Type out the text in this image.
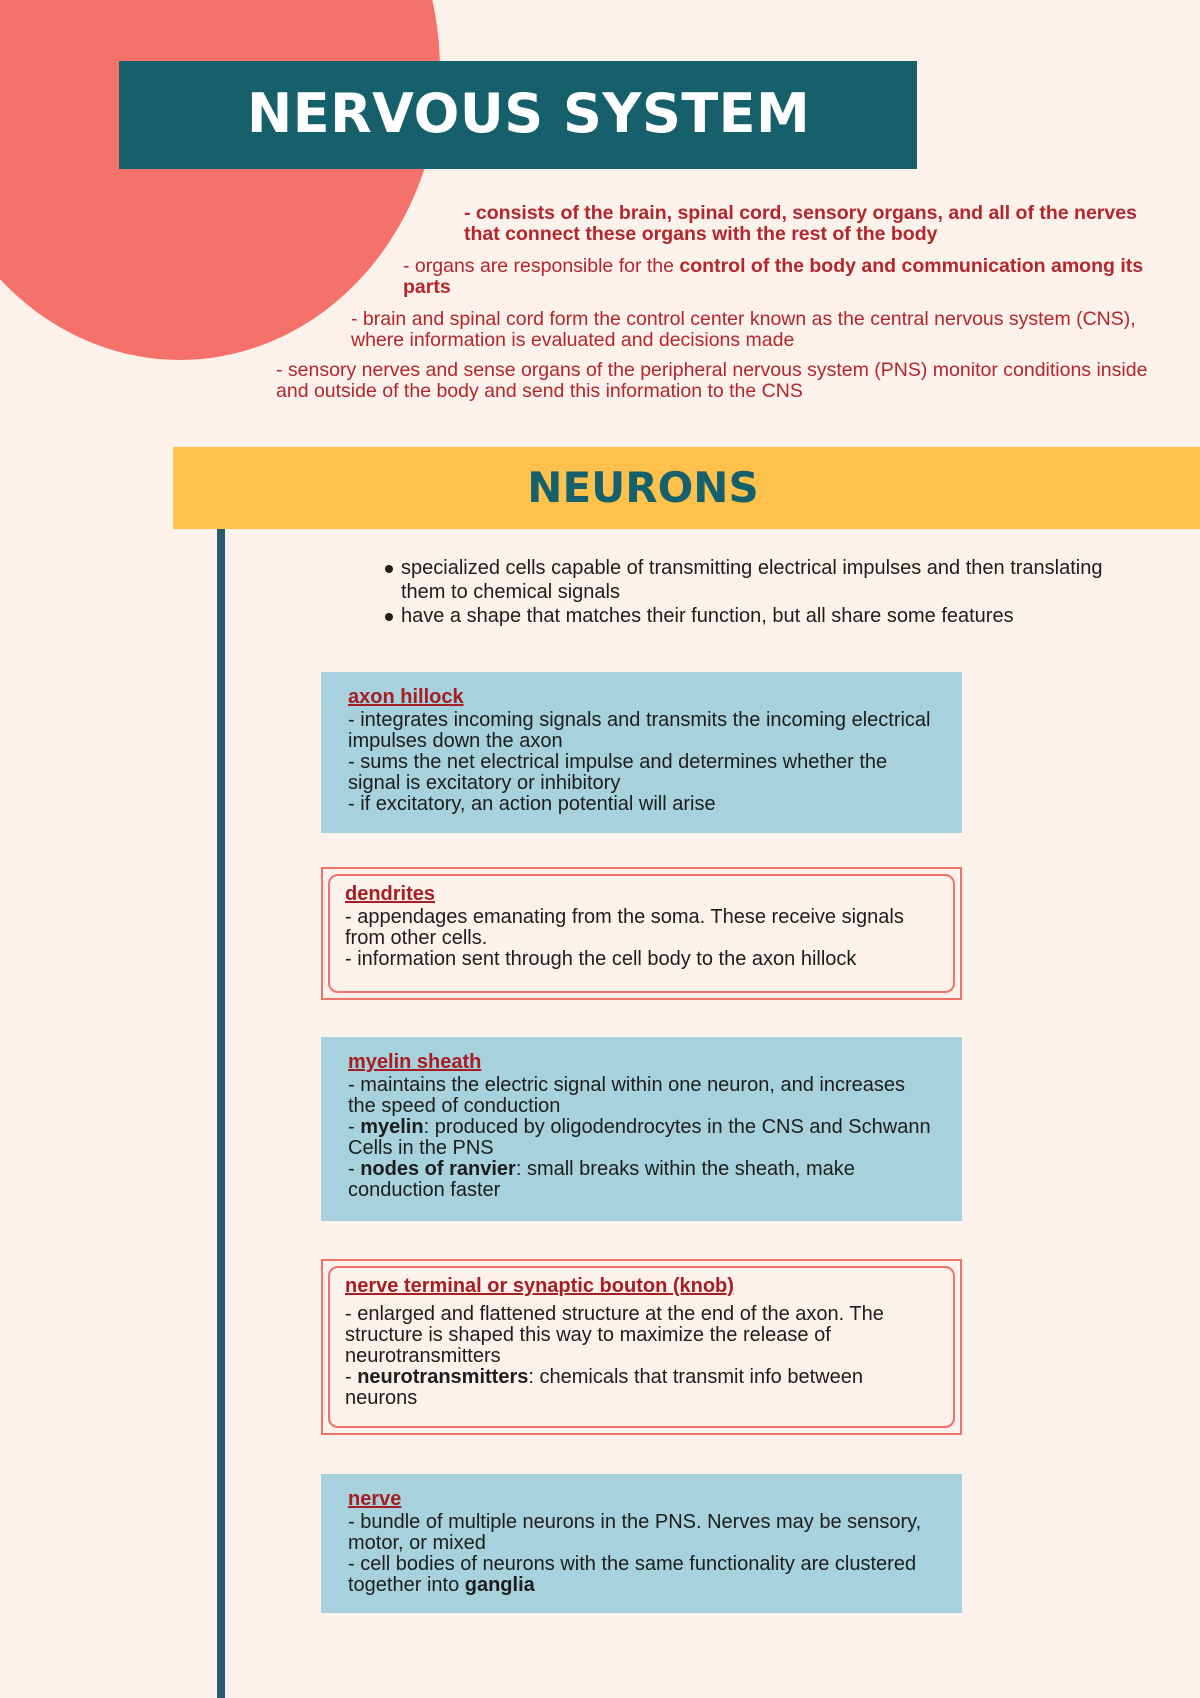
NERVOUS SYSTEM
- consists of the brain, spinal cord, sensory organs, and all of the nerves that connect these organs with the rest of the body
- organs are responsible for the control of the body and communication among its parts
- brain and spinal cord form the control center known as the central nervous system (CNS), where information is evaluated and decisions made
- sensory nerves and sense organs of the peripheral nervous system (PNS) monitor conditions inside and outside of the body and send this information to the CNS
NEURONS
specialized cells capable of transmitting electrical impulses and then translating them to chemical signals
have a shape that matches their function, but all share some features
axon hillock
- integrates incoming signals and transmits the incoming electrical impulses down the axon
- sums the net electrical impulse and determines whether the signal is excitatory or inhibitory
- if excitatory, an action potential will arise
dendrites
- appendages emanating from the soma. These receive signals from other cells.
- information sent through the cell body to the axon hillock
myelin sheath
- maintains the electric signal within one neuron, and increases the speed of conduction
- myelin: produced by oligodendrocytes in the CNS and Schwann Cells in the PNS
- nodes of ranvier: small breaks within the sheath, make conduction faster
nerve terminal or synaptic bouton (knob)
- enlarged and flattened structure at the end of the axon. The structure is shaped this way to maximize the release of neurotransmitters
- neurotransmitters: chemicals that transmit info between neurons
nerve
- bundle of multiple neurons in the PNS. Nerves may be sensory, motor, or mixed
- cell bodies of neurons with the same functionality are clustered together into ganglia
